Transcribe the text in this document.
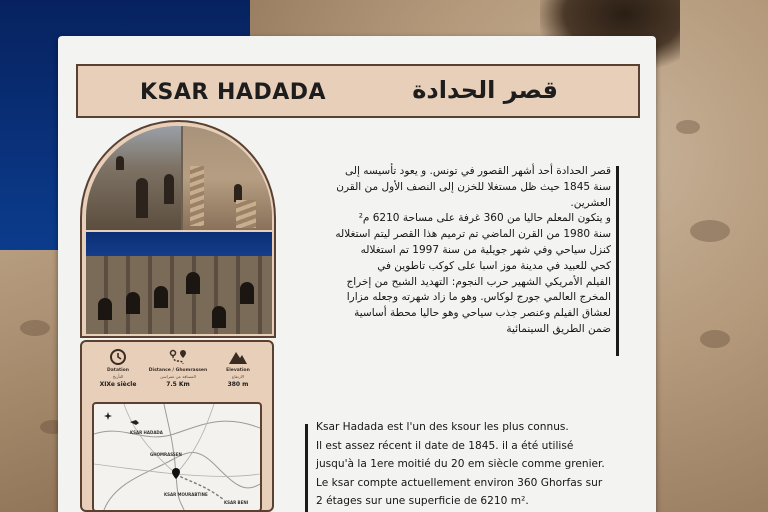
KSAR HADADA	قصر الحدادة
Datation
التأريخ
XIXe siècle
Distance / Ghomrassen
المسافة عن غمراسن
7.5 Km
Elevation
الارتفاع
380 m
KSAR HADADA
GHOMRASSEN
KSAR MOURABTINE
KSAR BENI
قصر الحدادة أحد أشهر القصور في تونس. و يعود تأسيسه إلى
سنة 1845 حيث ظل مستغلا للخزن إلى النصف الأول من القرن
العشرين.
و يتكون المعلم حاليا من 360 غرفة على مساحة 6210 م²
سنة 1980 من القرن الماضي تم ترميم هذا القصر ليتم استغلاله
كنزل سياحي وفي شهر جويلية من سنة 1997 تم استغلاله
كحي للعبيد في مدينة موز اسبا على كوكب تاطوين في
الفيلم الأمريكي الشهير حرب النجوم: التهديد الشبح من إخراج
المخرج العالمي جورج لوكاس. وهو ما زاد شهرته وجعله مزارا
لعشاق الفيلم وعنصر جذب سياحي وهو حاليا محطة أساسية
ضمن الطريق السينمائية
Ksar Hadada est l'un des ksour les plus connus.
Il est assez récent il date de 1845. il a été utilisé
jusqu'à la 1ere moitié du 20 em siècle comme grenier.
Le ksar compte actuellement environ 360 Ghorfas sur
2 étages sur une superficie de 6210 m².
